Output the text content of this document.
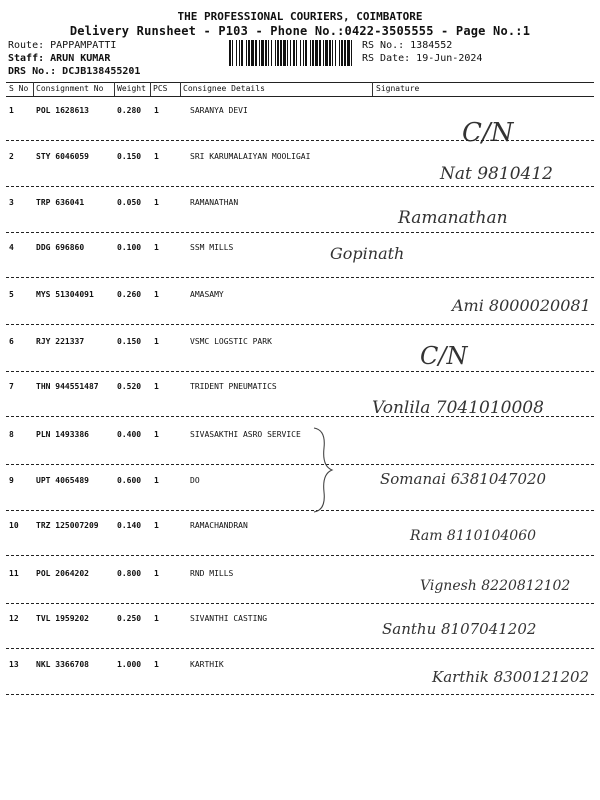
THE PROFESSIONAL COURIERS, COIMBATORE
Delivery Runsheet - P103 - Phone No.:0422-3505555 - Page No.:1
Route: PAPPAMPATTI
Staff: ARUN KUMAR
DRS No.: DCJB138455201
RS No.: 1384552
RS Date: 19-Jun-2024
S No Consignment No Weight PCS Consignee Details	Signature
1	POL 1628613	0.280 1	SARANYA DEVI
C/N
2	STY 6046059	0.150 1	SRI KARUMALAIYAN MOOLIGAI
Nat 9810412
3	TRP 636041	0.050 1	RAMANATHAN
Ramanathan
4	DDG 696860	0.100 1	SSM MILLS	Gopinath
5	MYS 51304091	0.260 1	AMASAMY
Ami 8000020081
6	RJY 221337	0.150 1	VSMC LOGSTIC PARK
C/N
7	THN 944551487 0.520 1	TRIDENT PNEUMATICS
Vonlila 7041010008
8	PLN 1493386	0.400 1	SIVASAKTHI ASRO SERVICE
9	UPT 4065489	0.600 1	DO	Somanai 6381047020
10 TRZ 125007209 0.140 1	RAMACHANDRAN
Ram 8110104060
11 POL 2064202	0.800 1	RND MILLS
Vignesh 8220812102
12 TVL 1959202	0.250 1	SIVANTHI CASTING
Santhu 8107041202
13 NKL 3366708	1.000 1	KARTHIK
Karthik 8300121202
